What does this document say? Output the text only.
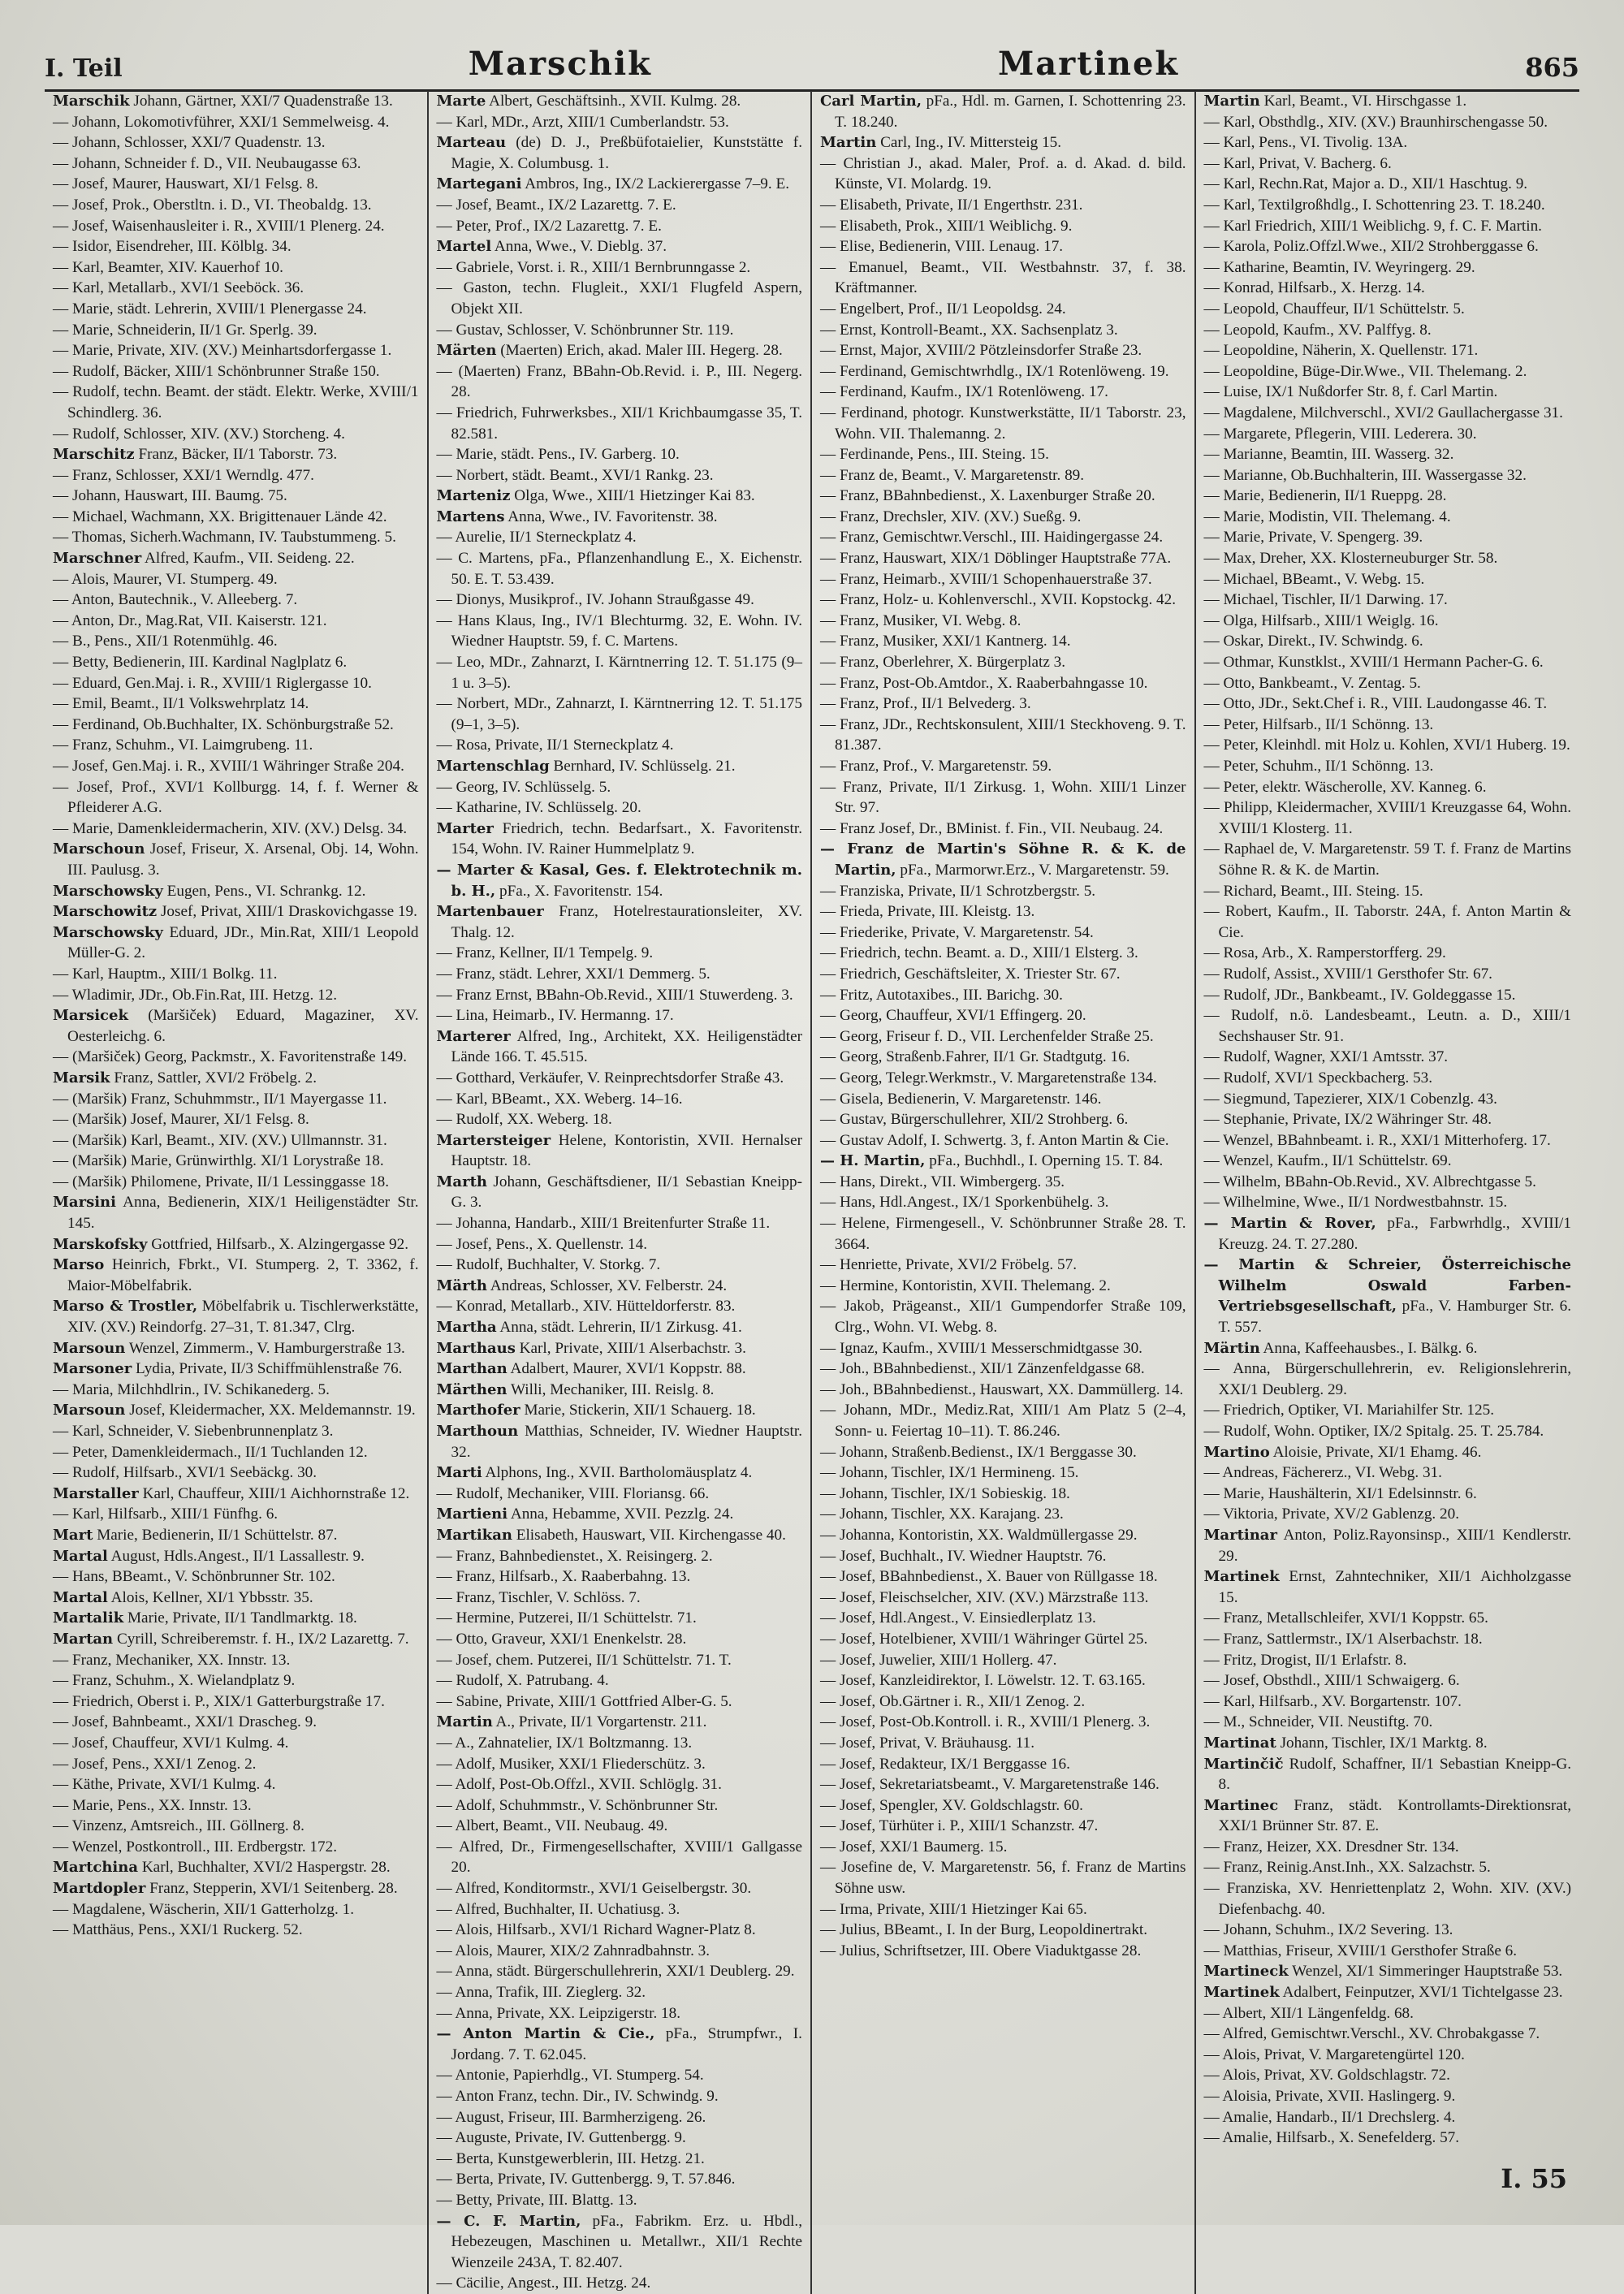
I. Teil	Marschik	Martinek	865

Marschik Johann, Gärtner, XXI/7 Quadenstraße 13.

— Johann, Lokomotivführer, XXI/1 Semmelweisg. 4.

— Johann, Schlosser, XXI/7 Quadenstr. 13.

— Johann, Schneider f. D., VII. Neubaugasse 63.

— Josef, Maurer, Hauswart, XI/1 Felsg. 8.

— Josef, Prok., Oberstltn. i. D., VI. Theobaldg. 13.

— Josef, Waisenhausleiter i. R., XVIII/1 Plenerg. 24.

— Isidor, Eisendreher, III. Kölblg. 34.

— Karl, Beamter, XIV. Kauerhof 10.

— Karl, Metallarb., XVI/1 Seeböck. 36.

— Marie, städt. Lehrerin, XVIII/1 Plenergasse 24.

— Marie, Schneiderin, II/1 Gr. Sperlg. 39.

— Marie, Private, XIV. (XV.) Meinhartsdorfergasse 1.

— Rudolf, Bäcker, XIII/1 Schönbrunner Straße 150.

— Rudolf, techn. Beamt. der städt. Elektr. Werke, XVIII/1 Schindlerg. 36.

— Rudolf, Schlosser, XIV. (XV.) Storcheng. 4.

Marschitz Franz, Bäcker, II/1 Taborstr. 73.

— Franz, Schlosser, XXI/1 Werndlg. 477.

— Johann, Hauswart, III. Baumg. 75.

— Michael, Wachmann, XX. Brigittenauer Lände 42.

— Thomas, Sicherh.Wachmann, IV. Taubstummeng. 5.

Marschner Alfred, Kaufm., VII. Seideng. 22.

— Alois, Maurer, VI. Stumperg. 49.

— Anton, Bautechnik., V. Alleeberg. 7.

— Anton, Dr., Mag.Rat, VII. Kaiserstr. 121.

— B., Pens., XII/1 Rotenmühlg. 46.

— Betty, Bedienerin, III. Kardinal Naglplatz 6.

— Eduard, Gen.Maj. i. R., XVIII/1 Riglergasse 10.

— Emil, Beamt., II/1 Volkswehrplatz 14.

— Ferdinand, Ob.Buchhalter, IX. Schönburgstraße 52.

— Franz, Schuhm., VI. Laimgrubeng. 11.

— Josef, Gen.Maj. i. R., XVIII/1 Währinger Straße 204.

— Josef, Prof., XVI/1 Kollburgg. 14, f. f. Werner & Pfleiderer A.G.

— Marie, Damenkleidermacherin, XIV. (XV.) Delsg. 34.

Marschoun Josef, Friseur, X. Arsenal, Obj. 14, Wohn. III. Paulusg. 3.

Marschowsky Eugen, Pens., VI. Schrankg. 12.

Marschowitz Josef, Privat, XIII/1 Draskovichgasse 19.

Marschowsky Eduard, JDr., Min.Rat, XIII/1 Leopold Müller-G. 2.

— Karl, Hauptm., XIII/1 Bolkg. 11.

— Wladimir, JDr., Ob.Fin.Rat, III. Hetzg. 12.

Marsicek (Maršiček) Eduard, Magaziner, XV. Oesterleichg. 6.

— (Maršiček) Georg, Packmstr., X. Favoritenstraße 149.

Marsik Franz, Sattler, XVI/2 Fröbelg. 2.

— (Maršik) Franz, Schuhmmstr., II/1 Mayergasse 11.

— (Maršik) Josef, Maurer, XI/1 Felsg. 8.

— (Maršik) Karl, Beamt., XIV. (XV.) Ullmannstr. 31.

— (Maršik) Marie, Grünwirthlg. XI/1 Lorystraße 18.

— (Maršik) Philomene, Private, II/1 Lessinggasse 18.

Marsini Anna, Bedienerin, XIX/1 Heiligenstädter Str. 145.

Marskofsky Gottfried, Hilfsarb., X. Alzingergasse 92.

Marso Heinrich, Fbrkt., VI. Stumperg. 2, T. 3362, f. Maior-Möbelfabrik.

Marso & Trostler, Möbelfabrik u. Tischlerwerkstätte, XIV. (XV.) Reindorfg. 27–31, T. 81.347, Clrg.

Marsoun Wenzel, Zimmerm., V. Hamburgerstraße 13.

Marsoner Lydia, Private, II/3 Schiffmühlenstraße 76.

— Maria, Milchhdlrin., IV. Schikanederg. 5.

Marsoun Josef, Kleidermacher, XX. Meldemannstr. 19.

— Karl, Schneider, V. Siebenbrunnenplatz 3.

— Peter, Damenkleidermach., II/1 Tuchlanden 12.

— Rudolf, Hilfsarb., XVI/1 Seebäckg. 30.

Marstaller Karl, Chauffeur, XIII/1 Aichhornstraße 12.

— Karl, Hilfsarb., XIII/1 Fünfhg. 6.

Mart Marie, Bedienerin, II/1 Schüttelstr. 87.

Martal August, Hdls.Angest., II/1 Lassallestr. 9.

— Hans, BBeamt., V. Schönbrunner Str. 102.

Martal Alois, Kellner, XI/1 Ybbsstr. 35.

Martalik Marie, Private, II/1 Tandlmarktg. 18.

Martan Cyrill, Schreiberemstr. f. H., IX/2 Lazarettg. 7.

— Franz, Mechaniker, XX. Innstr. 13.

— Franz, Schuhm., X. Wielandplatz 9.

— Friedrich, Oberst i. P., XIX/1 Gatterburgstraße 17.

— Josef, Bahnbeamt., XXI/1 Drascheg. 9.

— Josef, Chauffeur, XVI/1 Kulmg. 4.

— Josef, Pens., XXI/1 Zenog. 2.

— Käthe, Private, XVI/1 Kulmg. 4.

— Marie, Pens., XX. Innstr. 13.

— Vinzenz, Amtsreich., III. Göllnerg. 8.

— Wenzel, Postkontroll., III. Erdbergstr. 172.

Martchina Karl, Buchhalter, XVI/2 Haspergstr. 28.

Martdopler Franz, Stepperin, XVI/1 Seitenberg. 28.

— Magdalene, Wäscherin, XII/1 Gatterholzg. 1.

— Matthäus, Pens., XXI/1 Ruckerg. 52.

Marte Albert, Geschäftsinh., XVII. Kulmg. 28.

— Karl, MDr., Arzt, XIII/1 Cumberlandstr. 53.

Marteau (de) D. J., Preßbüfotaielier, Kunststätte f. Magie, X. Columbusg. 1.

Martegani Ambros, Ing., IX/2 Lackierergasse 7–9. E.

— Josef, Beamt., IX/2 Lazarettg. 7. E.

— Peter, Prof., IX/2 Lazarettg. 7. E.

Martel Anna, Wwe., V. Dieblg. 37.

— Gabriele, Vorst. i. R., XIII/1 Bernbrunngasse 2.

— Gaston, techn. Flugleit., XXI/1 Flugfeld Aspern, Objekt XII.

— Gustav, Schlosser, V. Schönbrunner Str. 119.

Märten (Maerten) Erich, akad. Maler III. Hegerg. 28.

— (Maerten) Franz, BBahn-Ob.Revid. i. P., III. Negerg. 28.

— Friedrich, Fuhrwerksbes., XII/1 Krichbaumgasse 35, T. 82.581.

— Marie, städt. Pens., IV. Garberg. 10.

— Norbert, städt. Beamt., XVI/1 Rankg. 23.

Marteniz Olga, Wwe., XIII/1 Hietzinger Kai 83.

Martens Anna, Wwe., IV. Favoritenstr. 38.

— Aurelie, II/1 Sterneckplatz 4.

— C. Martens, pFa., Pflanzenhandlung E., X. Eichenstr. 50. E. T. 53.439.

— Dionys, Musikprof., IV. Johann Straußgasse 49.

— Hans Klaus, Ing., IV/1 Blechturmg. 32, E. Wohn. IV. Wiedner Hauptstr. 59, f. C. Martens.

— Leo, MDr., Zahnarzt, I. Kärntnerring 12. T. 51.175 (9–1 u. 3–5).

— Norbert, MDr., Zahnarzt, I. Kärntnerring 12. T. 51.175 (9–1, 3–5).

— Rosa, Private, II/1 Sterneckplatz 4.

Martenschlag Bernhard, IV. Schlüsselg. 21.

— Georg, IV. Schlüsselg. 5.

— Katharine, IV. Schlüsselg. 20.

Marter Friedrich, techn. Bedarfsart., X. Favoritenstr. 154, Wohn. IV. Rainer Hummelplatz 9.

— Marter & Kasal, Ges. f. Elektrotechnik m. b. H., pFa., X. Favoritenstr. 154.

Martenbauer Franz, Hotelrestaurationsleiter, XV. Thalg. 12.

— Franz, Kellner, II/1 Tempelg. 9.

— Franz, städt. Lehrer, XXI/1 Demmerg. 5.

— Franz Ernst, BBahn-Ob.Revid., XIII/1 Stuwerdeng. 3.

— Lina, Heimarb., IV. Hermanng. 17.

Marterer Alfred, Ing., Architekt, XX. Heiligenstädter Lände 166. T. 45.515.

— Gotthard, Verkäufer, V. Reinprechtsdorfer Straße 43.

— Karl, BBeamt., XX. Weberg. 14–16.

— Rudolf, XX. Weberg. 18.

Martersteiger Helene, Kontoristin, XVII. Hernalser Hauptstr. 18.

Marth Johann, Geschäftsdiener, II/1 Sebastian Kneipp-G. 3.

— Johanna, Handarb., XIII/1 Breitenfurter Straße 11.

— Josef, Pens., X. Quellenstr. 14.

— Rudolf, Buchhalter, V. Storkg. 7.

Märth Andreas, Schlosser, XV. Felberstr. 24.

— Konrad, Metallarb., XIV. Hütteldorferstr. 83.

Martha Anna, städt. Lehrerin, II/1 Zirkusg. 41.

Marthaus Karl, Private, XIII/1 Alserbachstr. 3.

Marthan Adalbert, Maurer, XVI/1 Koppstr. 88.

Märthen Willi, Mechaniker, III. Reislg. 8.

Marthofer Marie, Stickerin, XII/1 Schauerg. 18.

Marthoun Matthias, Schneider, IV. Wiedner Hauptstr. 32.

Marti Alphons, Ing., XVII. Bartholomäusplatz 4.

— Rudolf, Mechaniker, VIII. Floriansg. 66.

Martieni Anna, Hebamme, XVII. Pezzlg. 24.

Martikan Elisabeth, Hauswart, VII. Kirchengasse 40.

— Franz, Bahnbedienstet., X. Reisingerg. 2.

— Franz, Hilfsarb., X. Raaberbahng. 13.

— Franz, Tischler, V. Schlöss. 7.

— Hermine, Putzerei, II/1 Schüttelstr. 71.

— Otto, Graveur, XXI/1 Enenkelstr. 28.

— Josef, chem. Putzerei, II/1 Schüttelstr. 71. T.

— Rudolf, X. Patrubang. 4.

— Sabine, Private, XIII/1 Gottfried Alber-G. 5.

Martin A., Private, II/1 Vorgartenstr. 211.

— A., Zahnatelier, IX/1 Boltzmanng. 13.

— Adolf, Musiker, XXI/1 Fliederschütz. 3.

— Adolf, Post-Ob.Offzl., XVII. Schlöglg. 31.

— Adolf, Schuhmmstr., V. Schönbrunner Str.

— Albert, Beamt., VII. Neubaug. 49.

— Alfred, Dr., Firmengesellschafter, XVIII/1 Gallgasse 20.

— Alfred, Konditormstr., XVI/1 Geiselbergstr. 30.

— Alfred, Buchhalter, II. Uchatiusg. 3.

— Alois, Hilfsarb., XVI/1 Richard Wagner-Platz 8.

— Alois, Maurer, XIX/2 Zahnradbahnstr. 3.

— Anna, städt. Bürgerschullehrerin, XXI/1 Deublerg. 29.

— Anna, Trafik, III. Zieglerg. 32.

— Anna, Private, XX. Leipzigerstr. 18.

— Anton Martin & Cie., pFa., Strumpfwr., I. Jordang. 7. T. 62.045.

— Antonie, Papierhdlg., VI. Stumperg. 54.

— Anton Franz, techn. Dir., IV. Schwindg. 9.

— August, Friseur, III. Barmherzigeng. 26.

— Auguste, Private, IV. Guttenbergg. 9.

— Berta, Kunstgewerblerin, III. Hetzg. 21.

— Berta, Private, IV. Guttenbergg. 9, T. 57.846.

— Betty, Private, III. Blattg. 13.

— C. F. Martin, pFa., Fabrikm. Erz. u. Hbdl., Hebezeugen, Maschinen u. Metallwr., XII/1 Rechte Wienzeile 243A, T. 82.407.

— Cäcilie, Angest., III. Hetzg. 24.

Carl Martin, pFa., Hdl. m. Garnen, I. Schottenring 23. T. 18.240.

Martin Carl, Ing., IV. Mittersteig 15.

— Christian J., akad. Maler, Prof. a. d. Akad. d. bild. Künste, VI. Molardg. 19.

— Elisabeth, Private, II/1 Engerthstr. 231.

— Elisabeth, Prok., XIII/1 Weiblichg. 9.

— Elise, Bedienerin, VIII. Lenaug. 17.

— Emanuel, Beamt., VII. Westbahnstr. 37, f. 38. Kräftmanner.

— Engelbert, Prof., II/1 Leopoldsg. 24.

— Ernst, Kontroll-Beamt., XX. Sachsenplatz 3.

— Ernst, Major, XVIII/2 Pötzleinsdorfer Straße 23.

— Ferdinand, Gemischtwrhdlg., IX/1 Rotenlöweng. 19.

— Ferdinand, Kaufm., IX/1 Rotenlöweng. 17.

— Ferdinand, photogr. Kunstwerkstätte, II/1 Taborstr. 23, Wohn. VII. Thalemanng. 2.

— Ferdinande, Pens., III. Steing. 15.

— Franz de, Beamt., V. Margaretenstr. 89.

— Franz, BBahnbedienst., X. Laxenburger Straße 20.

— Franz, Drechsler, XIV. (XV.) Sueßg. 9.

— Franz, Gemischtwr.Verschl., III. Haidingergasse 24.

— Franz, Hauswart, XIX/1 Döblinger Hauptstraße 77A.

— Franz, Heimarb., XVIII/1 Schopenhauerstraße 37.

— Franz, Holz- u. Kohlenverschl., XVII. Kopstockg. 42.

— Franz, Musiker, VI. Webg. 8.

— Franz, Musiker, XXI/1 Kantnerg. 14.

— Franz, Oberlehrer, X. Bürgerplatz 3.

— Franz, Post-Ob.Amtdor., X. Raaberbahngasse 10.

— Franz, Prof., II/1 Belvederg. 3.

— Franz, JDr., Rechtskonsulent, XIII/1 Steckhoveng. 9. T. 81.387.

— Franz, Prof., V. Margaretenstr. 59.

— Franz, Private, II/1 Zirkusg. 1, Wohn. XIII/1 Linzer Str. 97.

— Franz Josef, Dr., BMinist. f. Fin., VII. Neubaug. 24.

— Franz de Martin's Söhne R. & K. de Martin, pFa., Marmorwr.Erz., V. Margaretenstr. 59.

— Franziska, Private, II/1 Schrotzbergstr. 5.

— Frieda, Private, III. Kleistg. 13.

— Friederike, Private, V. Margaretenstr. 54.

— Friedrich, techn. Beamt. a. D., XIII/1 Elsterg. 3.

— Friedrich, Geschäftsleiter, X. Triester Str. 67.

— Fritz, Autotaxibes., III. Barichg. 30.

— Georg, Chauffeur, XVI/1 Effingerg. 20.

— Georg, Friseur f. D., VII. Lerchenfelder Straße 25.

— Georg, Straßenb.Fahrer, II/1 Gr. Stadtgutg. 16.

— Georg, Telegr.Werkmstr., V. Margaretenstraße 134.

— Gisela, Bedienerin, V. Margaretenstr. 146.

— Gustav, Bürgerschullehrer, XII/2 Strohberg. 6.

— Gustav Adolf, I. Schwertg. 3, f. Anton Martin & Cie.

— H. Martin, pFa., Buchhdl., I. Operning 15. T. 84.

— Hans, Direkt., VII. Wimbergerg. 35.

— Hans, Hdl.Angest., IX/1 Sporkenbühelg. 3.

— Helene, Firmengesell., V. Schönbrunner Straße 28. T. 3664.

— Henriette, Private, XVI/2 Fröbelg. 57.

— Hermine, Kontoristin, XVII. Thelemang. 2.

— Jakob, Prägeanst., XII/1 Gumpendorfer Straße 109, Clrg., Wohn. VI. Webg. 8.

— Ignaz, Kaufm., XVIII/1 Messerschmidtgasse 30.

— Joh., BBahnbedienst., XII/1 Zänzenfeldgasse 68.

— Joh., BBahnbedienst., Hauswart, XX. Dammüllerg. 14.

— Johann, MDr., Mediz.Rat, XIII/1 Am Platz 5 (2–4, Sonn- u. Feiertag 10–11). T. 86.246.

— Johann, Straßenb.Bedienst., IX/1 Berggasse 30.

— Johann, Tischler, IX/1 Hermineng. 15.

— Johann, Tischler, IX/1 Sobieskig. 18.

— Johann, Tischler, XX. Karajang. 23.

— Johanna, Kontoristin, XX. Waldmüllergasse 29.

— Josef, Buchhalt., IV. Wiedner Hauptstr. 76.

— Josef, BBahnbedienst., X. Bauer von Rüllgasse 18.

— Josef, Fleischselcher, XIV. (XV.) Märzstraße 113.

— Josef, Hdl.Angest., V. Einsiedlerplatz 13.

— Josef, Hotelbiener, XVIII/1 Währinger Gürtel 25.

— Josef, Juwelier, XIII/1 Hollerg. 47.

— Josef, Kanzleidirektor, I. Löwelstr. 12. T. 63.165.

— Josef, Ob.Gärtner i. R., XII/1 Zenog. 2.

— Josef, Post-Ob.Kontroll. i. R., XVIII/1 Plenerg. 3.

— Josef, Privat, V. Bräuhausg. 11.

— Josef, Redakteur, IX/1 Berggasse 16.

— Josef, Sekretariatsbeamt., V. Margaretenstraße 146.

— Josef, Spengler, XV. Goldschlagstr. 60.

— Josef, Türhüter i. P., XIII/1 Schanzstr. 47.

— Josef, XXI/1 Baumerg. 15.

— Josefine de, V. Margaretenstr. 56, f. Franz de Martins Söhne usw.

— Irma, Private, XIII/1 Hietzinger Kai 65.

— Julius, BBeamt., I. In der Burg, Leopoldinertrakt.

— Julius, Schriftsetzer, III. Obere Viaduktgasse 28.

Martin Karl, Beamt., VI. Hirschgasse 1.

— Karl, Obsthdlg., XIV. (XV.) Braunhirschengasse 50.

— Karl, Pens., VI. Tivolig. 13A.

— Karl, Privat, V. Bacherg. 6.

— Karl, Rechn.Rat, Major a. D., XII/1 Haschtug. 9.

— Karl, Textilgroßhdlg., I. Schottenring 23. T. 18.240.

— Karl Friedrich, XIII/1 Weiblichg. 9, f. C. F. Martin.

— Karola, Poliz.Offzl.Wwe., XII/2 Strohberggasse 6.

— Katharine, Beamtin, IV. Weyringerg. 29.

— Konrad, Hilfsarb., X. Herzg. 14.

— Leopold, Chauffeur, II/1 Schüttelstr. 5.

— Leopold, Kaufm., XV. Palffyg. 8.

— Leopoldine, Näherin, X. Quellenstr. 171.

— Leopoldine, Büge-Dir.Wwe., VII. Thelemang. 2.

— Luise, IX/1 Nußdorfer Str. 8, f. Carl Martin.

— Magdalene, Milchverschl., XVI/2 Gaullachergasse 31.

— Margarete, Pflegerin, VIII. Lederera. 30.

— Marianne, Beamtin, III. Wasserg. 32.

— Marianne, Ob.Buchhalterin, III. Wassergasse 32.

— Marie, Bedienerin, II/1 Rueppg. 28.

— Marie, Modistin, VII. Thelemang. 4.

— Marie, Private, V. Spengerg. 39.

— Max, Dreher, XX. Klosterneuburger Str. 58.

— Michael, BBeamt., V. Webg. 15.

— Michael, Tischler, II/1 Darwing. 17.

— Olga, Hilfsarb., XIII/1 Weiglg. 16.

— Oskar, Direkt., IV. Schwindg. 6.

— Othmar, Kunstklst., XVIII/1 Hermann Pacher-G. 6.

— Otto, Bankbeamt., V. Zentag. 5.

— Otto, JDr., Sekt.Chef i. R., VIII. Laudongasse 46. T.

— Peter, Hilfsarb., II/1 Schönng. 13.

— Peter, Kleinhdl. mit Holz u. Kohlen, XVI/1 Huberg. 19.

— Peter, Schuhm., II/1 Schönng. 13.

— Peter, elektr. Wäscherolle, XV. Kanneg. 6.

— Philipp, Kleidermacher, XVIII/1 Kreuzgasse 64, Wohn. XVIII/1 Klosterg. 11.

— Raphael de, V. Margaretenstr. 59 T. f. Franz de Martins Söhne R. & K. de Martin.

— Richard, Beamt., III. Steing. 15.

— Robert, Kaufm., II. Taborstr. 24A, f. Anton Martin & Cie.

— Rosa, Arb., X. Ramperstorfferg. 29.

— Rudolf, Assist., XVIII/1 Gersthofer Str. 67.

— Rudolf, JDr., Bankbeamt., IV. Goldeggasse 15.

— Rudolf, n.ö. Landesbeamt., Leutn. a. D., XIII/1 Sechshauser Str. 91.

— Rudolf, Wagner, XXI/1 Amtsstr. 37.

— Rudolf, XVI/1 Speckbacherg. 53.

— Siegmund, Tapezierer, XIX/1 Cobenzlg. 43.

— Stephanie, Private, IX/2 Währinger Str. 48.

— Wenzel, BBahnbeamt. i. R., XXI/1 Mitterhoferg. 17.

— Wenzel, Kaufm., II/1 Schüttelstr. 69.

— Wilhelm, BBahn-Ob.Revid., XV. Albrechtgasse 5.

— Wilhelmine, Wwe., II/1 Nordwestbahnstr. 15.

— Martin & Rover, pFa., Farbwrhdlg., XVIII/1 Kreuzg. 24. T. 27.280.

— Martin & Schreier, Österreichische Wilhelm Oswald Farben-Vertriebsgesellschaft, pFa., V. Hamburger Str. 6. T. 557.

Märtin Anna, Kaffeehausbes., I. Bälkg. 6.

— Anna, Bürgerschullehrerin, ev. Religionslehrerin, XXI/1 Deublerg. 29.

— Friedrich, Optiker, VI. Mariahilfer Str. 125.

— Rudolf, Wohn. Optiker, IX/2 Spitalg. 25. T. 25.784.

Martino Aloisie, Private, XI/1 Ehamg. 46.

— Andreas, Fächererz., VI. Webg. 31.

— Marie, Haushälterin, XI/1 Edelsinnstr. 6.

— Viktoria, Private, XV/2 Gablenzg. 20.

Martinar Anton, Poliz.Rayonsinsp., XIII/1 Kendlerstr. 29.

Martinek Ernst, Zahntechniker, XII/1 Aichholzgasse 15.

— Franz, Metallschleifer, XVI/1 Koppstr. 65.

— Franz, Sattlermstr., IX/1 Alserbachstr. 18.

— Fritz, Drogist, II/1 Erlafstr. 8.

— Josef, Obsthdl., XIII/1 Schwaigerg. 6.

— Karl, Hilfsarb., XV. Borgartenstr. 107.

— M., Schneider, VII. Neustiftg. 70.

Martinat Johann, Tischler, IX/1 Marktg. 8.

Martinčič Rudolf, Schaffner, II/1 Sebastian Kneipp-G. 8.

Martinec Franz, städt. Kontrollamts-Direktionsrat, XXI/1 Brünner Str. 87. E.

— Franz, Heizer, XX. Dresdner Str. 134.

— Franz, Reinig.Anst.Inh., XX. Salzachstr. 5.

— Franziska, XV. Henriettenplatz 2, Wohn. XIV. (XV.) Diefenbachg. 40.

— Johann, Schuhm., IX/2 Severing. 13.

— Matthias, Friseur, XVIII/1 Gersthofer Straße 6.

Martineck Wenzel, XI/1 Simmeringer Hauptstraße 53.

Martinek Adalbert, Feinputzer, XVI/1 Tichtelgasse 23.

— Albert, XII/1 Längenfeldg. 68.

— Alfred, Gemischtwr.Verschl., XV. Chrobakgasse 7.

— Alois, Privat, V. Margaretengürtel 120.

— Alois, Privat, XV. Goldschlagstr. 72.

— Aloisia, Private, XVII. Haslingerg. 9.

— Amalie, Handarb., II/1 Drechslerg. 4.

— Amalie, Hilfsarb., X. Senefelderg. 57.

I. 55
